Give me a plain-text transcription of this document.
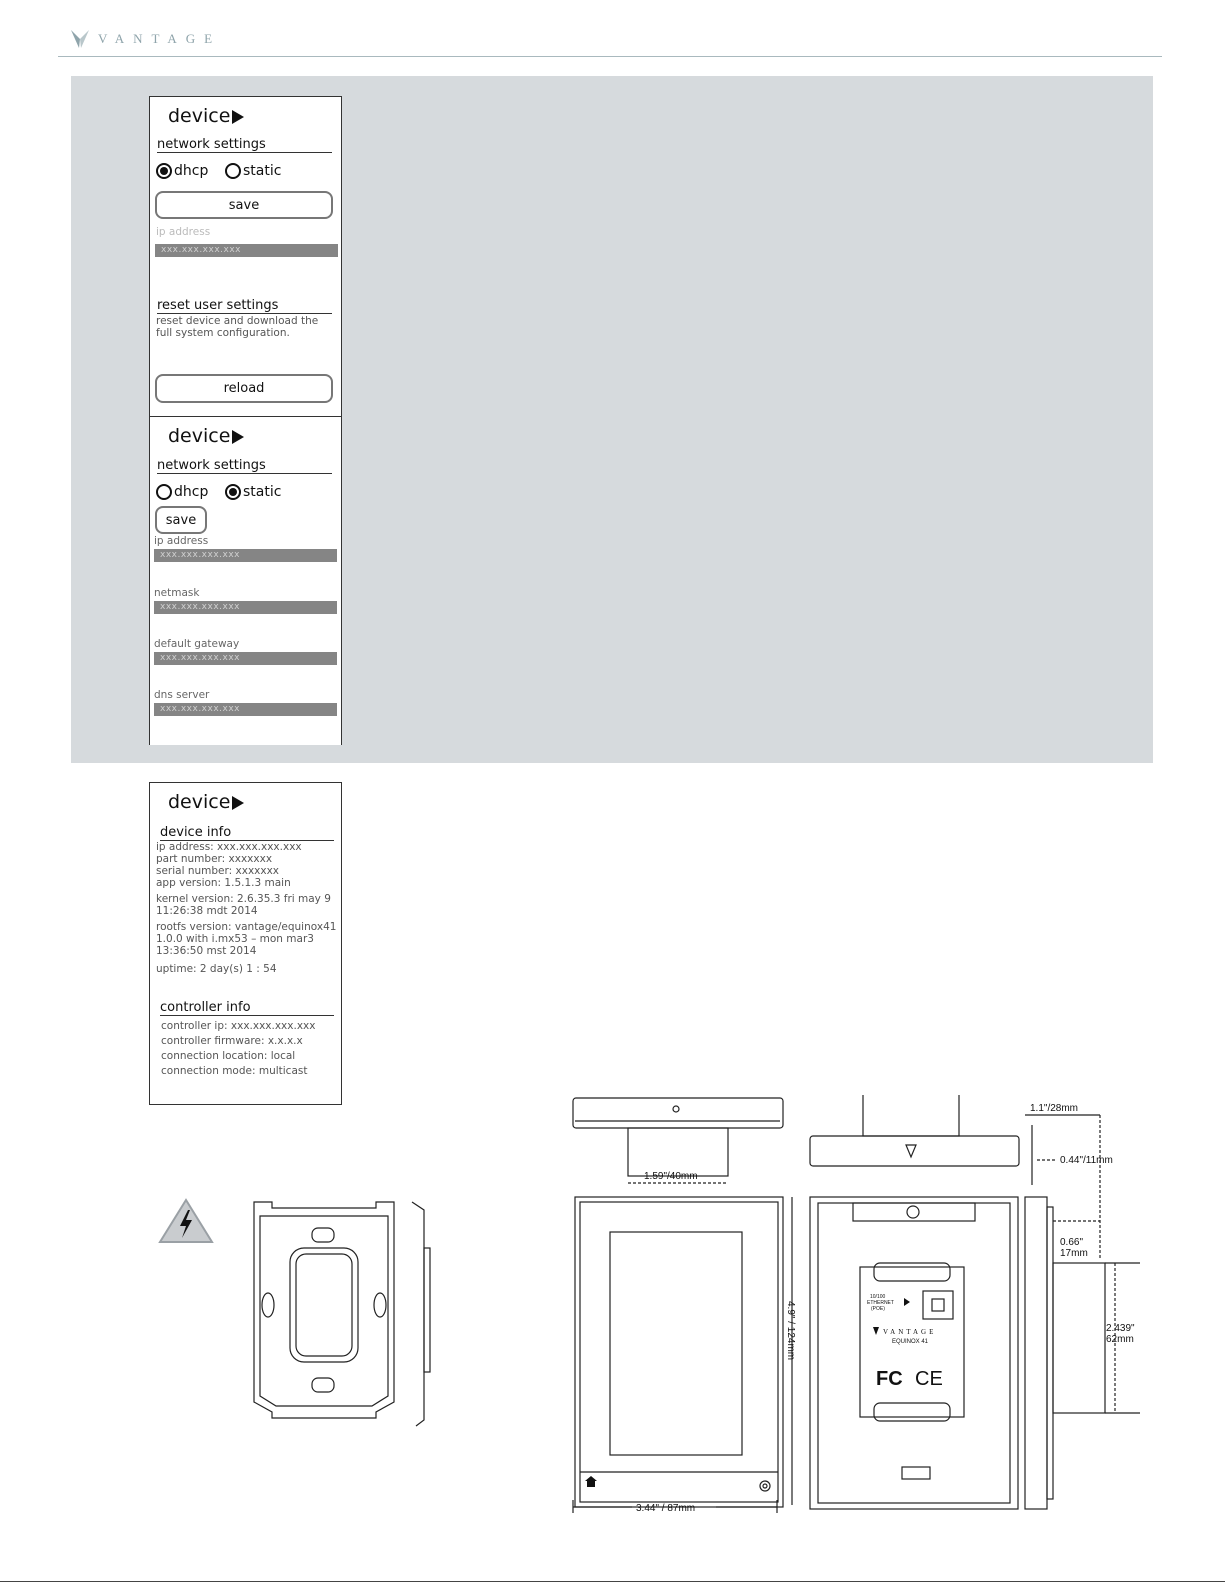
VANTAGE
device
network settings
dhcp static
save
ip address
xxx.xxx.xxx.xxx
reset user settings
reset device and download the
full system configuration.
reload
device
network settings
dhcp static
save
ip address
xxx.xxx.xxx.xxx
netmask
xxx.xxx.xxx.xxx
default gateway
xxx.xxx.xxx.xxx
dns server
xxx.xxx.xxx.xxx
device
device info
ip address: xxx.xxx.xxx.xxx
part number: xxxxxxx
serial number: xxxxxxx
app version: 1.5.1.3 main
kernel version: 2.6.35.3 fri may 9
11:26:38 mdt 2014
rootfs version: vantage/equinox41
1.0.0 with i.mx53 – mon mar3
13:36:50 mst 2014
uptime: 2 day(s) 1 : 54
controller info
controller ip: xxx.xxx.xxx.xxx
controller firmware: x.x.x.x
connection location: local
connection mode: multicast
1.59"/40mm
3.44" / 87mm
4.9" / 124mm
1.1"/28mm
0.44"/11mm
0.66"
17mm
2.439"
62mm
10/100
ETHERNET
(POE)
VANTAGE
EQUINOX 41
FC CE
